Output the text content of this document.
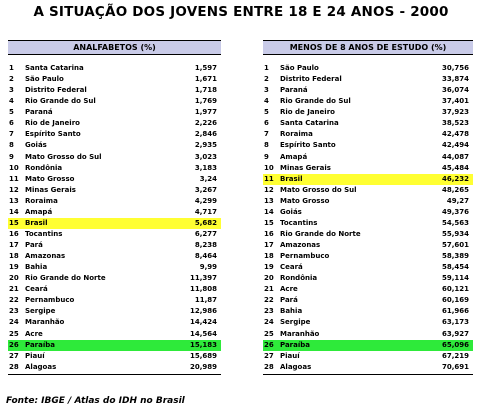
A SITUAÇÃO DOS JOVENS ENTRE 18 E 24 ANOS - 2000
ANALFABETOS (%)
1 Santa Catarina	1,597
2 São Paulo	1,671
3 Distrito Federal	1,718
4 Rio Grande do Sul	1,769
5 Paraná	1,977
6 Rio de Janeiro	2,226
7 Espírito Santo	2,846
8 Goiás	2,935
9 Mato Grosso do Sul	3,023
10 Rondônia	3,183
11 Mato Grosso	3,24
12 Minas Gerais	3,267
13 Roraima	4,299
14 Amapá	4,717
15 Brasil	5,682
16 Tocantins	6,277
17 Pará	8,238
18 Amazonas	8,464
19 Bahia	9,99
20 Rio Grande do Norte	11,397
21 Ceará	11,808
22 Pernambuco	11,87
23 Sergipe	12,986
24 Maranhão	14,424
25 Acre	14,564
26 Paraíba	15,183
27 Piauí	15,689
28 Alagoas	20,989
MENOS DE 8 ANOS DE ESTUDO (%)
1 São Paulo	30,756
2 Distrito Federal	33,874
3 Paraná	36,074
4 Rio Grande do Sul	37,401
5 Rio de Janeiro	37,923
6 Santa Catarina	38,523
7 Roraima	42,478
8 Espírito Santo	42,494
9 Amapá	44,087
10 Minas Gerais	45,484
11 Brasil	46,232
12 Mato Grosso do Sul	48,265
13 Mato Grosso	49,27
14 Goiás	49,376
15 Tocantins	54,563
16 Rio Grande do Norte	55,934
17 Amazonas	57,601
18 Pernambuco	58,389
19 Ceará	58,454
20 Rondônia	59,114
21 Acre	60,121
22 Pará	60,169
23 Bahia	61,966
24 Sergipe	63,173
25 Maranhão	63,927
26 Paraíba	65,096
27 Piauí	67,219
28 Alagoas	70,691
Fonte: IBGE / Atlas do IDH no Brasil
